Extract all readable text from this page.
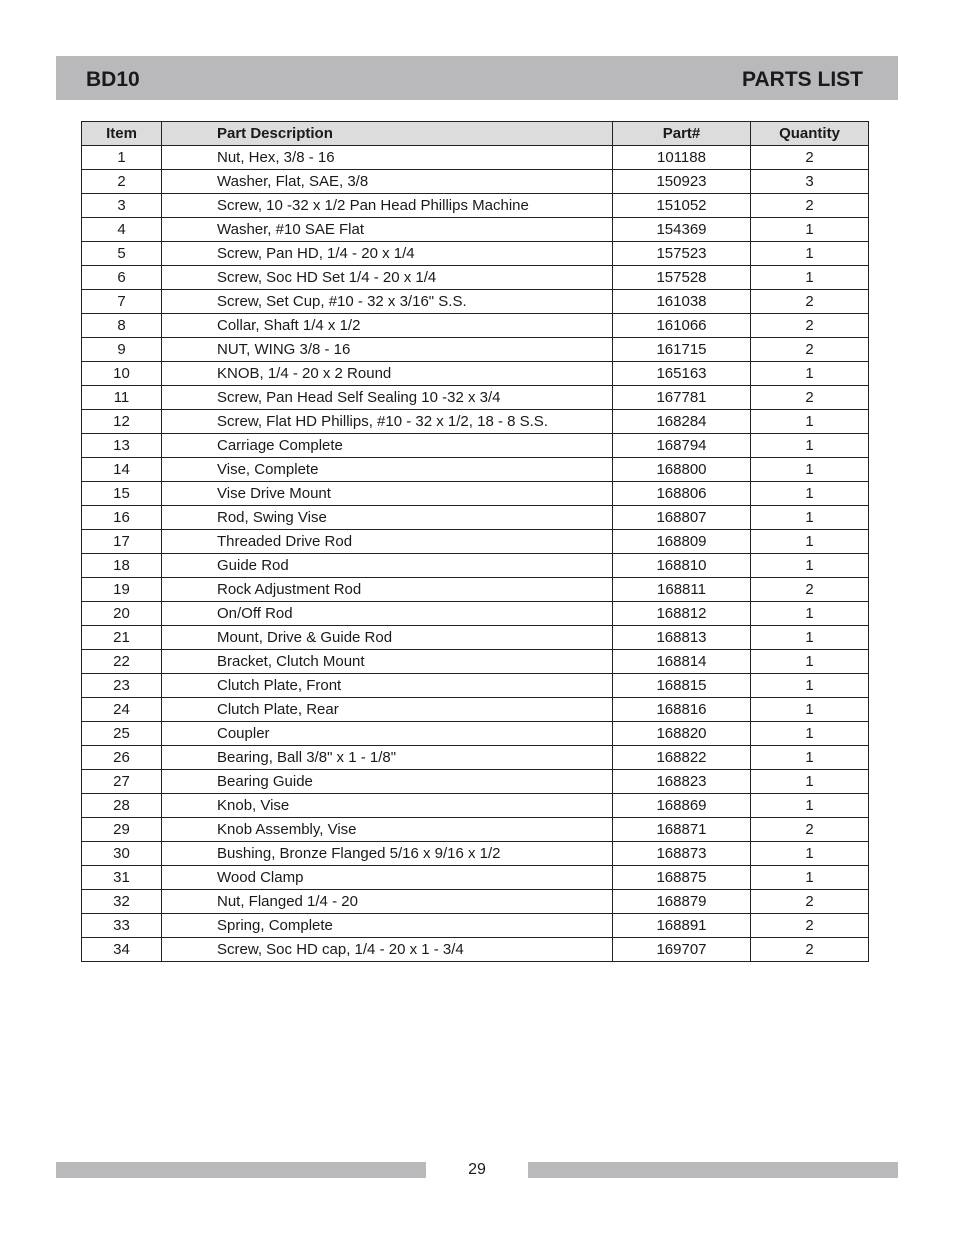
BD10	PARTS LIST
Item	Part Description	Part#	Quantity
1	Nut, Hex, 3/8 - 16	101188	2
2	Washer, Flat, SAE, 3/8	150923	3
3	Screw, 10 -32 x 1/2 Pan Head Phillips Machine	151052	2
4	Washer, #10 SAE Flat	154369	1
5	Screw, Pan HD, 1/4 - 20 x 1/4	157523	1
6	Screw, Soc HD Set 1/4 - 20 x 1/4	157528	1
7	Screw, Set Cup, #10 - 32 x 3/16" S.S.	161038	2
8	Collar, Shaft 1/4 x 1/2	161066	2
9	NUT, WING 3/8 - 16	161715	2
10	KNOB, 1/4 - 20 x 2 Round	165163	1
11	Screw, Pan Head Self Sealing 10 -32 x 3/4	167781	2
12	Screw, Flat HD Phillips, #10 - 32 x 1/2, 18 - 8 S.S.	168284	1
13	Carriage Complete	168794	1
14	Vise, Complete	168800	1
15	Vise Drive Mount	168806	1
16	Rod, Swing Vise	168807	1
17	Threaded Drive Rod	168809	1
18	Guide Rod	168810	1
19	Rock Adjustment Rod	168811	2
20	On/Off Rod	168812	1
21	Mount, Drive & Guide Rod	168813	1
22	Bracket, Clutch Mount	168814	1
23	Clutch Plate, Front	168815	1
24	Clutch Plate, Rear	168816	1
25	Coupler	168820	1
26	Bearing, Ball 3/8" x 1 - 1/8"	168822	1
27	Bearing Guide	168823	1
28	Knob, Vise	168869	1
29	Knob Assembly, Vise	168871	2
30	Bushing, Bronze Flanged 5/16 x 9/16 x 1/2	168873	1
31	Wood Clamp	168875	1
32	Nut, Flanged 1/4 - 20	168879	2
33	Spring, Complete	168891	2
34	Screw, Soc HD cap, 1/4 - 20 x 1 - 3/4	169707	2
29
